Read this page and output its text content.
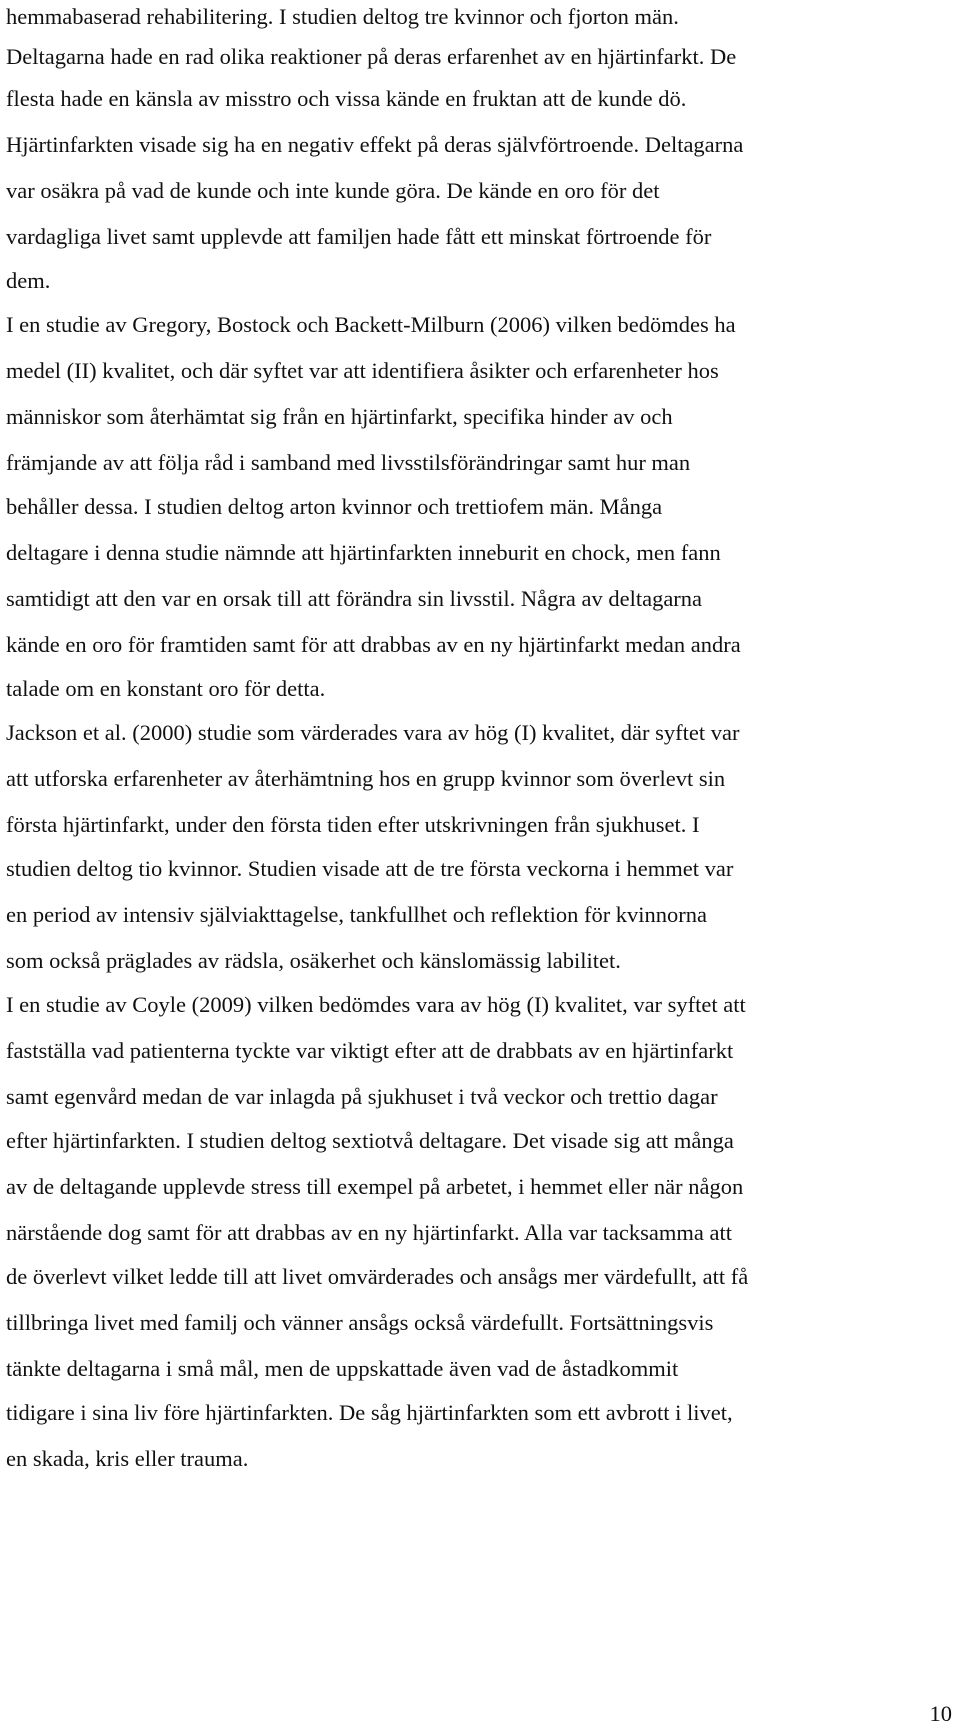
hemmabaserad rehabilitering. I studien deltog tre kvinnor och fjorton män.

Deltagarna hade en rad olika reaktioner på deras erfarenhet av en hjärtinfarkt. De

flesta hade en känsla av misstro och vissa kände en fruktan att de kunde dö.

Hjärtinfarkten visade sig ha en negativ effekt på deras självförtroende. Deltagarna

var osäkra på vad de kunde och inte kunde göra. De kände en oro för det

vardagliga livet samt upplevde att familjen hade fått ett minskat förtroende för

dem.

I en studie av Gregory, Bostock och Backett-Milburn (2006) vilken bedömdes ha

medel (II) kvalitet, och där syftet var att identifiera åsikter och erfarenheter hos

människor som återhämtat sig från en hjärtinfarkt, specifika hinder av och

främjande av att följa råd i samband med livsstilsförändringar samt hur man

behåller dessa. I studien deltog arton kvinnor och trettiofem män. Många

deltagare i denna studie nämnde att hjärtinfarkten inneburit en chock, men fann

samtidigt att den var en orsak till att förändra sin livsstil. Några av deltagarna

kände en oro för framtiden samt för att drabbas av en ny hjärtinfarkt medan andra

talade om en konstant oro för detta.

Jackson et al. (2000) studie som värderades vara av hög (I) kvalitet, där syftet var

att utforska erfarenheter av återhämtning hos en grupp kvinnor som överlevt sin

första hjärtinfarkt, under den första tiden efter utskrivningen från sjukhuset. I

studien deltog tio kvinnor. Studien visade att de tre första veckorna i hemmet var

en period av intensiv själviakttagelse, tankfullhet och reflektion för kvinnorna

som också präglades av rädsla, osäkerhet och känslomässig labilitet.

I en studie av Coyle (2009) vilken bedömdes vara av hög (I) kvalitet, var syftet att

fastställa vad patienterna tyckte var viktigt efter att de drabbats av en hjärtinfarkt

samt egenvård medan de var inlagda på sjukhuset i två veckor och trettio dagar

efter hjärtinfarkten. I studien deltog sextiotvå deltagare. Det visade sig att många

av de deltagande upplevde stress till exempel på arbetet, i hemmet eller när någon

närstående dog samt för att drabbas av en ny hjärtinfarkt. Alla var tacksamma att

de överlevt vilket ledde till att livet omvärderades och ansågs mer värdefullt, att få

tillbringa livet med familj och vänner ansågs också värdefullt. Fortsättningsvis

tänkte deltagarna i små mål, men de uppskattade även vad de åstadkommit

tidigare i sina liv före hjärtinfarkten. De såg hjärtinfarkten som ett avbrott i livet,

en skada, kris eller trauma.

10
